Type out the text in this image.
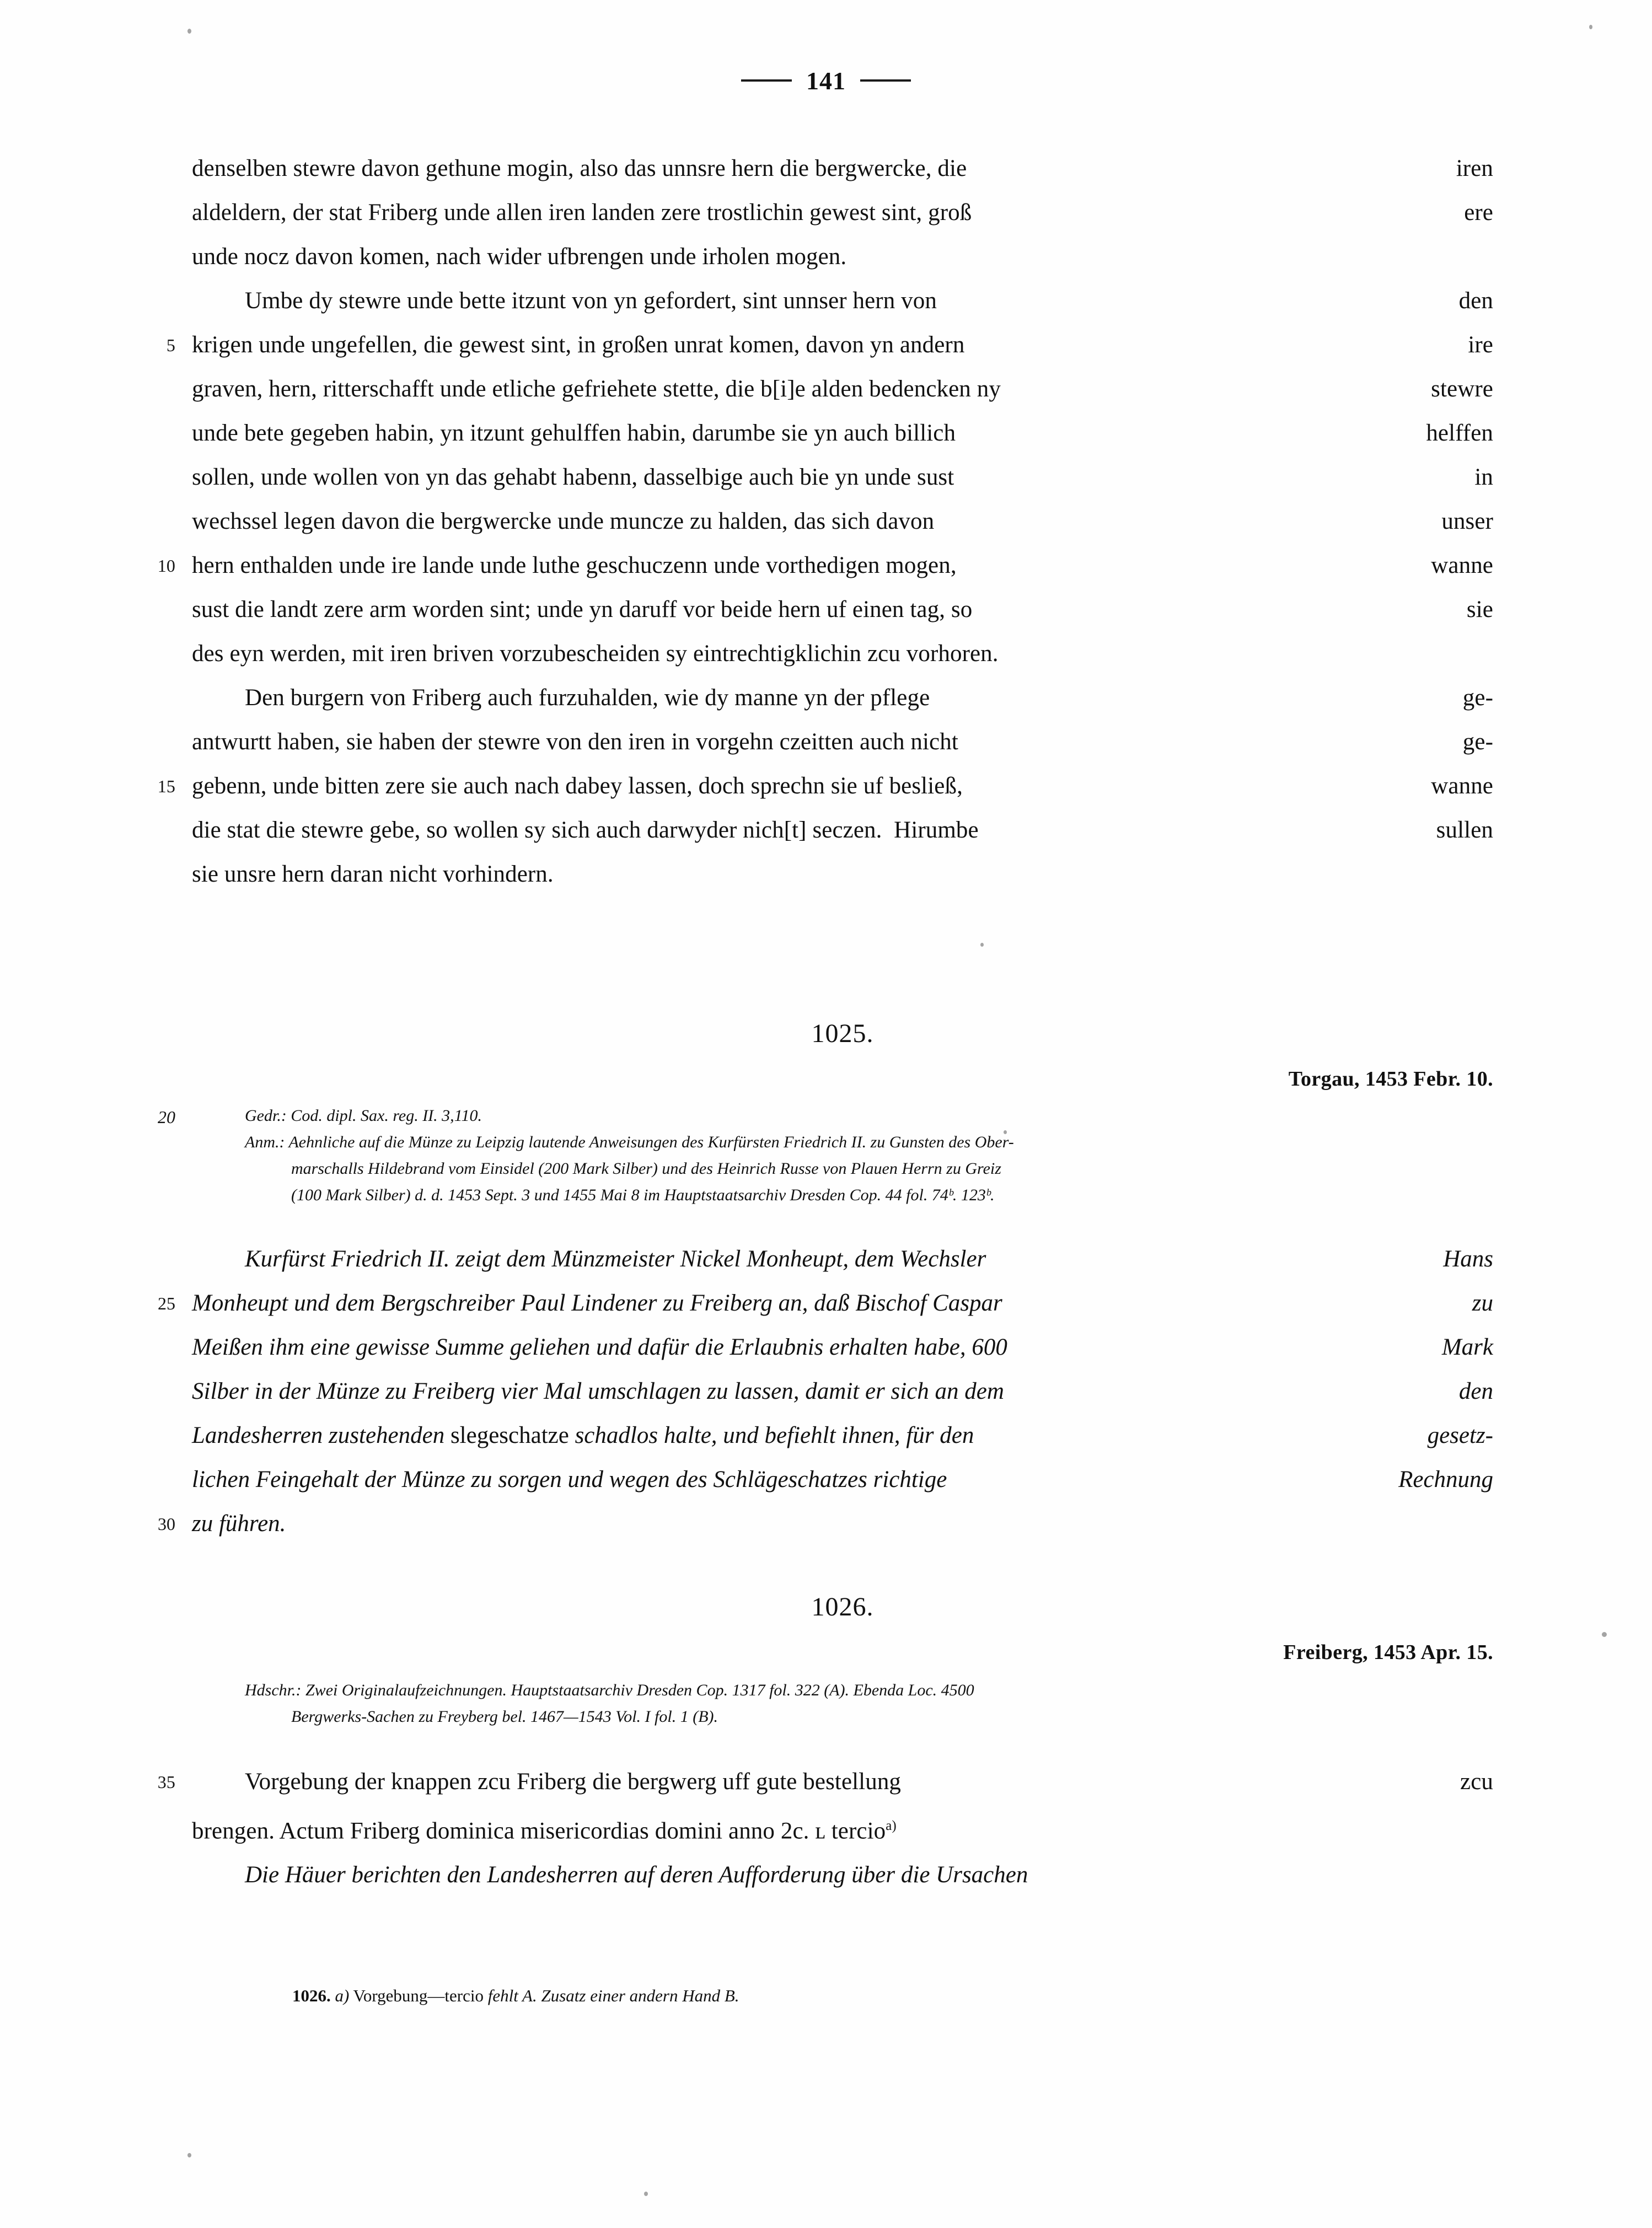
141
denselben stewre davon gethune mogin, also das unnsre hern die bergwercke, die	iren
aldeldern, der stat Friberg unde allen iren landen zere trostlichin gewest sint, groß	ere
unde nocz davon komen, nach wider ufbrengen unde irholen mogen.
Umbe dy stewre unde bette itzunt von yn gefordert, sint unnser hern von	den
5 krigen unde ungefellen, die gewest sint, in großen unrat komen, davon yn andern	ire
graven, hern, ritterschafft unde etliche gefriehete stette, die b[i]e alden bedencken ny	stewre
unde bete gegeben habin, yn itzunt gehulffen habin, darumbe sie yn auch billich	helffen
sollen, unde wollen von yn das gehabt habenn, dasselbige auch bie yn unde sust	in
wechssel legen davon die bergwercke unde muncze zu halden, das sich davon	unser
10 hern enthalden unde ire lande unde luthe geschuczenn unde vorthedigen mogen,	wanne
sust die landt zere arm worden sint; unde yn daruff vor beide hern uf einen tag, so	sie
des eyn werden, mit iren briven vorzubescheiden sy eintrechtigklichin zcu vorhoren.
Den burgern von Friberg auch furzuhalden, wie dy manne yn der pflege	ge-
antwurtt haben, sie haben der stewre von den iren in vorgehn czeitten auch nicht	ge-
15 gebenn, unde bitten zere sie auch nach dabey lassen, doch sprechn sie uf besließ,	wanne
die stat die stewre gebe, so wollen sy sich auch darwyder nich[t] seczen.  Hirumbe	sullen
sie unsre hern daran nicht vorhindern.
1025.
Torgau, 1453 Febr. 10.
20	Gedr.: Cod. dipl. Sax. reg. II. 3,110.
Anm.: Aehnliche auf die Münze zu Leipzig lautende Anweisungen des Kurfürsten Friedrich II. zu Gunsten des Ober-
marschalls Hildebrand vom Einsidel (200 Mark Silber) und des Heinrich Russe von Plauen Herrn zu Greiz
(100 Mark Silber) d. d. 1453 Sept. 3 und 1455 Mai 8 im Hauptstaatsarchiv Dresden Cop. 44 fol. 74ᵇ. 123ᵇ.
Kurfürst Friedrich II. zeigt dem Münzmeister Nickel Monheupt, dem Wechsler	Hans
25 Monheupt und dem Bergschreiber Paul Lindener zu Freiberg an, daß Bischof Caspar	zu
Meißen ihm eine gewisse Summe geliehen und dafür die Erlaubnis erhalten habe, 600	Mark
Silber in der Münze zu Freiberg vier Mal umschlagen zu lassen, damit er sich an dem	den
Landesherren zustehenden slegeschatze schadlos halte, und befiehlt ihnen, für den	gesetz-
lichen Feingehalt der Münze zu sorgen und wegen des Schlägeschatzes richtige	Rechnung
30 zu führen.
1026.
Freiberg, 1453 Apr. 15.
Hdschr.: Zwei Originalaufzeichnungen. Hauptstaatsarchiv Dresden Cop. 1317 fol. 322 (A). Ebenda Loc. 4500
Bergwerks-Sachen zu Freyberg bel. 1467—1543 Vol. I fol. 1 (B).
35	Vorgebung der knappen zcu Friberg die bergwerg uff gute bestellung	zcu
brengen. Actum Friberg dominica misericordias domini anno 2c. ʟ tercio$^{a)}$
Die Häuer berichten den Landesherren auf deren Aufforderung über die Ursachen
1026. a) Vorgebung—tercio fehlt A. Zusatz einer andern Hand B.
